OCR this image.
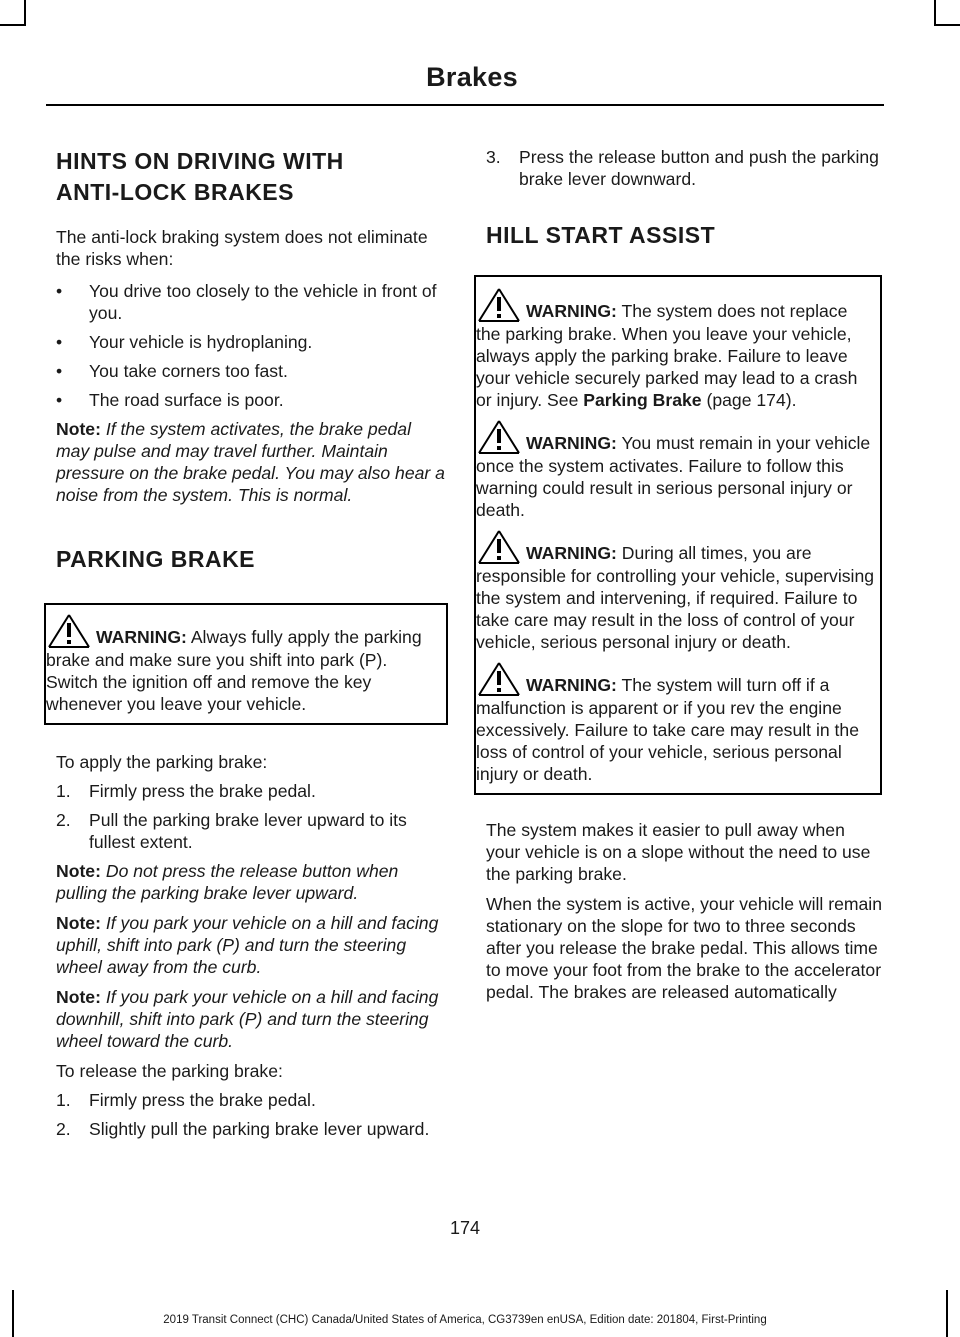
Brakes
HINTS ON DRIVING WITH
ANTI-LOCK BRAKES

The anti-lock braking system does not eliminate the risks when:

• You drive too closely to the vehicle in front of you.
• Your vehicle is hydroplaning.
• You take corners too fast.
• The road surface is poor.

Note: If the system activates, the brake pedal may pulse and may travel further. Maintain pressure on the brake pedal. You may also hear a noise from the system. This is normal.

PARKING BRAKE
WARNING: Always fully apply the parking brake and make sure you shift into park (P). Switch the ignition off and remove the key whenever you leave your vehicle.

To apply the parking brake:

1. Firmly press the brake pedal.
2. Pull the parking brake lever upward to its fullest extent.

Note: Do not press the release button when pulling the parking brake lever upward.

Note: If you park your vehicle on a hill and facing uphill, shift into park (P) and turn the steering wheel away from the curb.

Note: If you park your vehicle on a hill and facing downhill, shift into park (P) and turn the steering wheel toward the curb.

To release the parking brake:

1. Firmly press the brake pedal.
2. Slightly pull the parking brake lever upward.
3. Press the release button and push the parking brake lever downward.
HILL START ASSIST
WARNING: The system does not replace the parking brake. When you leave your vehicle, always apply the parking brake. Failure to leave your vehicle securely parked may lead to a crash or injury. See Parking Brake (page 174).
WARNING: You must remain in your vehicle once the system activates. Failure to follow this warning could result in serious personal injury or death.
WARNING: During all times, you are responsible for controlling your vehicle, supervising the system and intervening, if required. Failure to take care may result in the loss of control of your vehicle, serious personal injury or death.
WARNING: The system will turn off if a malfunction is apparent or if you rev the engine excessively. Failure to take care may result in the loss of control of your vehicle, serious personal injury or death.

The system makes it easier to pull away when your vehicle is on a slope without the need to use the parking brake.

When the system is active, your vehicle will remain stationary on the slope for two to three seconds after you release the brake pedal. This allows time to move your foot from the brake to the accelerator pedal. The brakes are released automatically

174
2019 Transit Connect (CHC) Canada/United States of America, CG3739en enUSA, Edition date: 201804, First-Printing
